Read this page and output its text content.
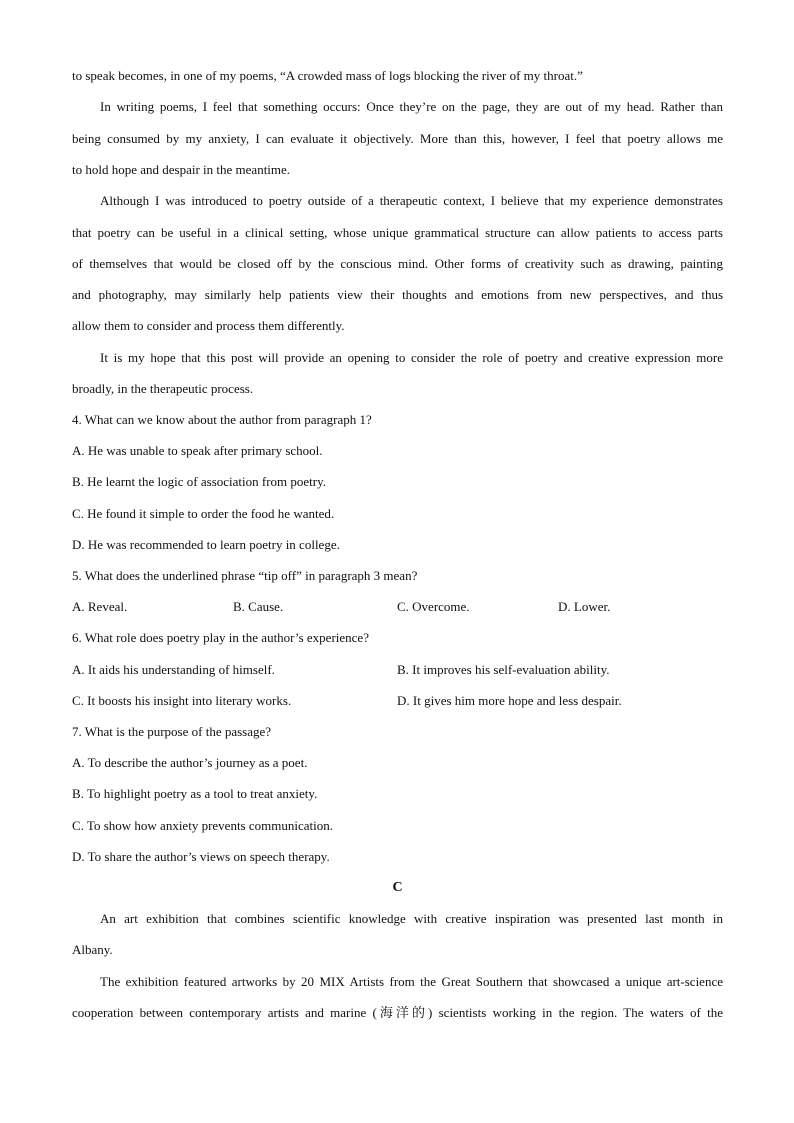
to speak becomes, in one of my poems, “A crowded mass of logs blocking the river of my throat.”
In writing poems, I feel that something occurs: Once they’re on the page, they are out of my head. Rather than
being consumed by my anxiety, I can evaluate it objectively. More than this, however, I feel that poetry allows me
to hold hope and despair in the meantime.
Although I was introduced to poetry outside of a therapeutic context, I believe that my experience demonstrates
that poetry can be useful in a clinical setting, whose unique grammatical structure can allow patients to access parts
of themselves that would be closed off by the conscious mind. Other forms of creativity such as drawing, painting
and photography, may similarly help patients view their thoughts and emotions from new perspectives, and thus
allow them to consider and process them differently.
It is my hope that this post will provide an opening to consider the role of poetry and creative expression more
broadly, in the therapeutic process.
4. What can we know about the author from paragraph 1?
A. He was unable to speak after primary school.
B. He learnt the logic of association from poetry.
C. He found it simple to order the food he wanted.
D. He was recommended to learn poetry in college.
5. What does the underlined phrase “tip off” in paragraph 3 mean?
A. Reveal.	B. Cause.	C. Overcome.	D. Lower.
6. What role does poetry play in the author’s experience?
A. It aids his understanding of himself.	B. It improves his self-evaluation ability.
C. It boosts his insight into literary works.	D. It gives him more hope and less despair.
7. What is the purpose of the passage?
A. To describe the author’s journey as a poet.
B. To highlight poetry as a tool to treat anxiety.
C. To show how anxiety prevents communication.
D. To share the author’s views on speech therapy.
C
An art exhibition that combines scientific knowledge with creative inspiration was presented last month in
Albany.
The exhibition featured artworks by 20 MIX Artists from the Great Southern that showcased a unique art-science
cooperation between contemporary artists and marine (海洋的) scientists working in the region. The waters of the
